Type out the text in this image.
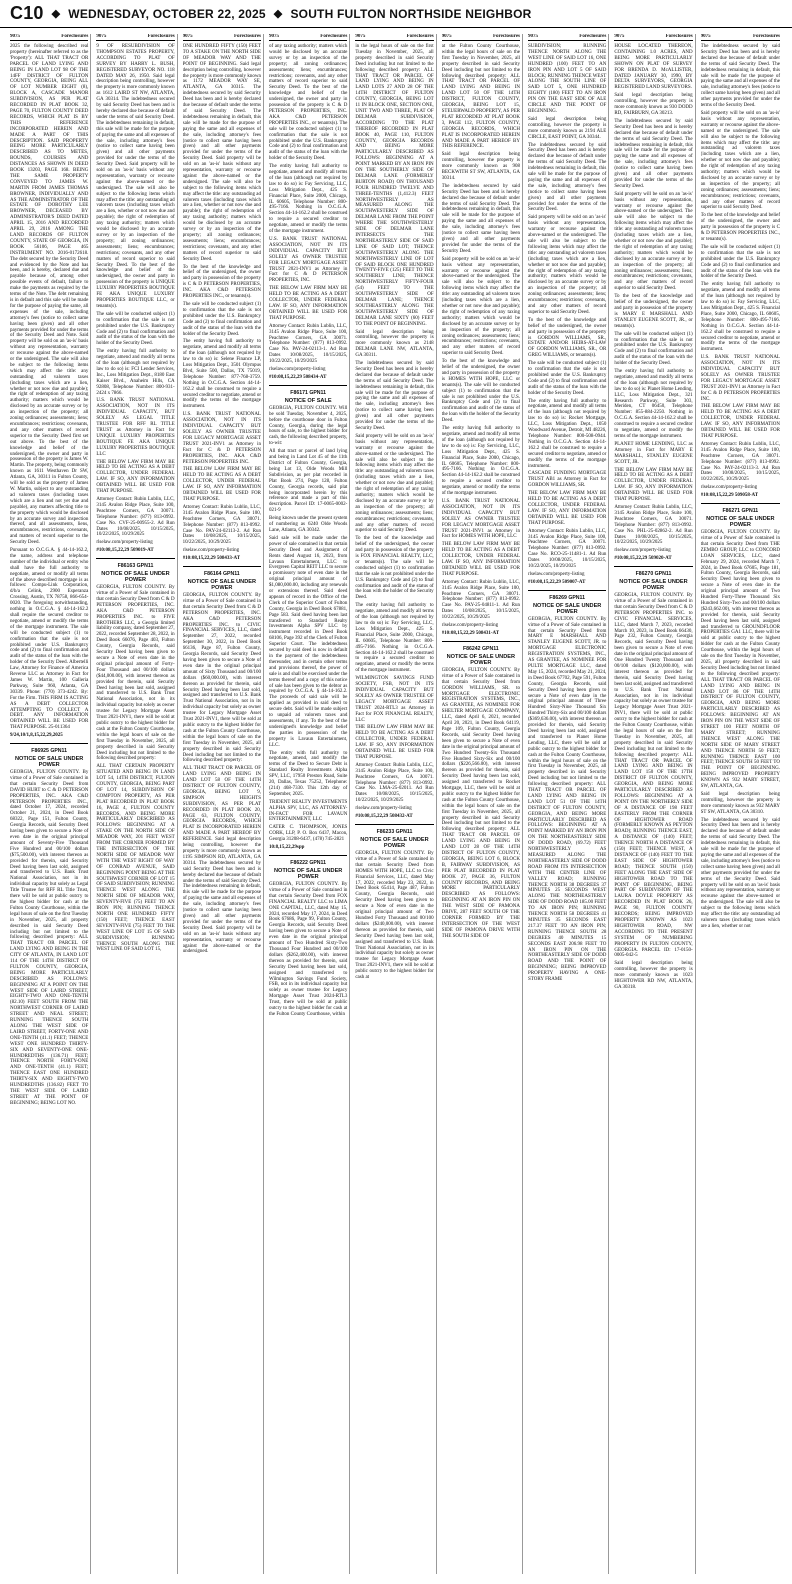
C10 ◆ WEDNESDAY, OCTOBER 22, 2025 ◆ SOUTH FULTON NORTHSIDE NEIGHBOR
9075	Foreclosures
2025 the following described real property (hereinafter referred to as the 'Property'): ALL THAT TRACT OR PARCEL OF LAND LYING AND BEING IN LAND LOT 98 OF THE 14FF DISTRICT OF FULTON COUNTY, GEORGIA, BEING ALL OF LOT NUMBER EIGHT (8), BLOCK A, CASCADE MANOR SUBDIVISION, AS PER PLAT RECORDED IN PLAT BOOK 32, PAGE 70, FULTON COUNTY DEED RECORDS, WHICH PLAT IS BY THIS REFERENCE INCORPORATED HEREIN AND MADE A PART OF THIS DESCRIPTION. SAID PROPERTY BEING MORE PARTICULARLY DESCRIBED AS TO METES, BOUNDS, COURSES AND DISTANCES AS SHOWN IN DEED BOOK 13203, PAGE 168. BEING THE SAME PROPERTY CONVEYED TO JAMES W. MARTIN FROM JAMES THOMAS BROWNER, INDIVIDUALLY AND AS THE ADMINISTRATOR OF THE ESTATE OF DOROTHY LEE BROWNER, DECEASED BY ADMINISTRATOR'S DEED DATED APRIL 15, 2016 AND RECORDED APRIL 29, 2016 AMONG THE LAND RECORDS OF FULTON COUNTY, STATE OF GEORGIA, IN BOOK 56106, PAGE 465 INSTRUMENT NO. 2016-0172618. The debt secured by the Security Deed and evidenced by the Note and has been, and is hereby, declared due and payable because of, among other possible events of default, failure to make the payments as required by the terms of the Note. The debt remaining is in default and this sale will be made for the purpose of paying the same, all expenses of the sale, including attorney's fees (notice to collect same having been given) and all other payments provided for under the terms of the Security Deed and Note. Said property will be sold on an 'as-is' basis without any representation, warranty or recourse against the above-named or the undersigned. The sale will also be subject to the following items which may affect the title: any outstanding ad valorem taxes (including taxes which are a lien, whether or not now due and payable); the right of redemption of any taxing authority; matters which would be disclosed by an accurate survey or by an inspection of the property; all zoning ordinances; assessments; liens; encumbrances; restrictions; covenants, and any other matters of record superior to the Security Deed first set out above. To the best of the knowledge and belief of the undersigned, the owner and party in possession of the property is James W. Martin. The property, being commonly known as 1611 Westhaven Dr SW, Atlanta, GA, 30311 in Fulton County, will be sold as the property of James W. Martin, subject to any outstanding ad valorem taxes (including taxes which are a lien and not yet due and payable), any matters affecting title to the property which would be disclosed by an accurate survey and inspection thereof, and all assessments, liens, encumbrances, restrictions, covenants, and matters of record superior to the Security Deed.
Pursuant to O.C.G.A. § 44-14-162.2, the name, address and telephone number of the individual or entity who shall have the full authority to negotiate, amend or modify all terms of the above described mortgage is as follows: Compu-Link Corporation, d/b/a Celink, 2900 Esperanza Crossing, Austin, TX 78758, 866-654-0020. The foregoing notwithstanding, nothing in O.C.G.A. § 44-14-162.2 shall require the secured creditor to negotiate, amend or modify the terms of the mortgage instrument. The sale will be conducted subject (1) to confirmation that the sale is not prohibited under U.S. Bankruptcy code and (2) to final confirmation and audit of the status of the loan with the holder of the Security Deed. Albertelli Law, Attorney for Finance of America Reverse LLC as Attorney in Fact for James W. Martin, 100 Galleria Parkway, Suite 960, Atlanta, GA 30339. Phone: (770) 373-4242. By: For the Firm. THIS FIRM IS ACTING AS A DEBT COLLECTOR ATTEMPTING TO COLLECT A DEBT. ANY INFORMATION OBTAINED WILL BE USED FOR THAT PURPOSE. 25-011364
9/24,10/1,8,15,22,29,2025
F86925 GPN11
NOTICE OF SALE UNDER POWER
GEORGIA, FULTON COUNTY. By virtue of a Power of Sale contained in that certain Security Deed from DAVID HURT to C & D PETERSON PROPERTIES, INC. AKA C&D PETERSON PROPERTIES INC., dated October 17, 2024, recorded October 21, 2024, in Deed Book 68322, Page 151, Fulton County, Georgia Records, said Security Deed having been given to secure a Note of even date in the original principal amount of Seventy-Five Thousand Five Hundred and 00/100 dollars ($75,500.00), with interest thereon as provided for therein, said Security Deed having been last sold, assigned and transferred to U.S. Bank Trust National Association, not in its individual capacity but solely as Legal Title Trustee for RFF RL Title Trust, there will be sold at public outcry to the highest bidder for cash at the Fulton County Courthouse, within the legal hours of sale on the first Tuesday in November, 2025, all property described in said Security Deed including but not limited to the following described property: ALL THAT TRACT OR PARCEL OF LAND LYING AND BEING IN THE CITY OF ATLANTA, IN LAND LOT 114 OF THE 14TH DISTRICT OF FULTON COUNTY, GEORGIA, BEING MORE PARTICULARLY DESCRIBED AS FOLLOWS: BEGINNING AT A POINT ON THE WEST SIDE OF LAIRD STREET, EIGHTY-TWO AND ONE-TENTH (82.10) FEET SOUTH FROM THE NORTHWEST CORNER OF LAIRD STREET AND NEAL STREET; RUNNING THENCE SOUTH ALONG THE WEST SIDE OF LAIRD STREET, FORTY-ONE AND ONE-TENTH (41.1) FEET; THENCE WEST ONE HUNDRED THIRTY-SIX AND SEVENTY-ONE ONE-HUNDREDTHS (136.71) FEET; THENCE NORTH FORTY-ONE AND ONE-TENTH (41.1) FEET; THENCE EAST ONE HUNDRED THIRTY-SIX AND EIGHTY-TWO HUNDREDTHS (136.82) FEET TO THE WEST SIDE OF LAIRD STREET AT THE POINT OF BEGINNING; BEING LOT NO.
9075	Foreclosures
9 OF RESUBDIVISION OF THOMPSON ESTATES PROPERTY, ACCORDING TO PLAT OF SURVEY BY HARRY L. BUSH, REGISTERED SURVEYOR NO. 118 DATED MAY 26, 1950. Said legal description being controlling, however the property is more commonly known as 1612 LAIRD ST NW, ATLANTA, GA 30314. The indebtedness secured by said Security Deed has been and is hereby declared due because of default under the terms of said Security Deed. The indebtedness remaining in default, this sale will be made for the purpose of paying the same and all expenses of the sale, including attorney's fees (notice to collect same having been given) and all other payments provided for under the terms of the Security Deed. Said property will be sold on an 'as-is' basis without any representation, warranty or recourse against the above-named or the undersigned. The sale will also be subject to the following items which may affect the title: any outstanding ad valorem taxes (including taxes which are a lien, whether or not now due and payable); the right of redemption of any taxing authority; matters which would be disclosed by an accurate survey or by an inspection of the property; all zoning ordinances; assessments; liens; encumbrances; restrictions; covenants, and any other matters of record superior to said Security Deed. To the best of the knowledge and belief of the undersigned, the owner and party in possession of the property is UNIQUE LUXURY PROPERTIES BOUTIQUE FE AKA UNIQUE LUXURY PROPERTIES BOUTIQUE LLC, or tenants(s).
The sale will be conducted subject (1) to confirmation that the sale is not prohibited under the U.S. Bankruptcy Code and (2) to final confirmation and audit of the status of the loan with the holder of the Security Deed.
The entity having full authority to negotiate, amend and modify all terms of the loan (although not required by law to do so) is: FCI Lender Services, Inc., Loss Mitigation Dept., 8180 East Kaiser Blvd., Anaheim Hills, CA 92808, Telephone Number: 800-931-2424 x 7866.
U.S. BANK TRUST NATIONAL ASSOCIATION, NOT IN ITS INDIVIDUAL CAPACITY, BUT SOLELY AS LEGAL TITLE TRUSTEE FOR RFF RL TITLE TRUST as Attorney in Fact for UNIQUE LUXURY PROPERTIES BOUTIQUE FE AKA UNIQUE LUXURY PROPERTIES BOUTIQUE LLC
THE BELOW LAW FIRM MAY BE HELD TO BE ACTING AS A DEBT COLLECTOR, UNDER FEDERAL LAW. IF SO, ANY INFORMATION OBTAINED WILL BE USED FOR THAT PURPOSE.
Attorney Contact: Rubin Lublin, LLC, 3145 Avalon Ridge Place, Suite 100, Peachtree Corners, GA 30071. Telephone Number: (877) 813-0992. Case No. CVF-25-00955-2. Ad Run Dates 10/08/2025, 10/15/2025, 10/22/2025, 10/29/2025
rlselaw.com/property-listing
#10:08,15,22,29 509019-AT
F86163 GPN11
NOTICE OF SALE UNDER POWER
GEORGIA, FULTON COUNTY. By virtue of a Power of Sale contained in that certain Security Deed from C & D PETERSON PROPERTIES, INC. AKA C&D PETERSON PROPERTIES INC. to FIVE BROTHERS LLC, a Georgia limited liability company, dated September 27, 2022, recorded September 28, 2022, in Deed Book 66076, Page 403, Fulton County, Georgia Records, said Security Deed having been given to secure a Note of even date in the original principal amount of Forty-Four Thousand and 00/100 dollars ($44,000.00), with interest thereon as provided for therein, said Security Deed having been last sold, assigned and transferred to U.S. Bank Trust National Association, not in its individual capacity but solely as owner trustee for Legacy Mortgage Asset Trust 2021-INV1, there will be sold at public outcry to the highest bidder for cash at the Fulton County Courthouse, within the legal hours of sale on the first Tuesday in November, 2025, all property described in said Security Deed including but not limited to the following described property:
ALL THAT CERTAIN PROPERTY SITUATED AND BEING IN LAND LOT 54, 14TH DISTRICT, FULTON COUNTY, GEORGIA, BEING PART OF LOT 14, SUBDIVISION OF COMPTON PROPERTY, AS PER PLAT RECORDED IN PLAT BOOK 16, PAGE 4, FULTON COUNTY RECORDS, AND BEING MORE PARTICULARLY DESCRIBED AS FOLLOWS: BEGINNING AT A STAKE ON THE NORTH SIDE OF MEADOR WAY, 201 FEET WEST FROM THE CORNER FORMED BY THE INTERSECTION OF THE NORTH SIDE OF MEADOR WAY WITH THE WEST RIGHT OF WAY OF CONRAD AVENUE, SAID BEGINNING POINT BEING AT THE SOUTHWEST CORNER OF LOT 15 OF SAID SUBDIVISION; RUNNING THENCE WEST ALONG THE NORTH SIDE OF MEADOR WAY, SEVENTY-FIVE (75) FEET TO AN IRON PIN; RUNNING THENCE NORTH ONE HUNDRED FIFTY (150) FEET; THENCE EAST SEVENTY-FIVE (75) FEET TO THE WEST LINE OF LOT 15 OF SAID SUBDIVISION; RUNNING THENCE SOUTH ALONG THE WEST LINE OF SAID LOT 15,
9075	Foreclosures
ONE HUNDRED FIFTY (150) FEET TO A STAKE ON THE NORTH SIDE OF MEADOR WAY AND THE POINT OF BEGINNING. Said legal description being controlling, however the property is more commonly known as 1172 MEADOR WAY SE, ATLANTA, GA 30315. The indebtedness secured by said Security Deed has been and is hereby declared due because of default under the terms of said Security Deed. The indebtedness remaining in default, this sale will be made for the purpose of paying the same and all expenses of the sale, including attorney's fees (notice to collect same having been given) and all other payments provided for under the terms of the Security Deed. Said property will be sold on an 'as-is' basis without any representation, warranty or recourse against the above-named or the undersigned. The sale will also be subject to the following items which may affect the title: any outstanding ad valorem taxes (including taxes which are a lien, whether or not now due and payable); the right of redemption of any taxing authority; matters which would be disclosed by an accurate survey or by an inspection of the property; all zoning ordinances; assessments; liens; encumbrances; restrictions; covenants, and any other matters of record superior to said Security Deed.
To the best of the knowledge and belief of the undersigned, the owner and party in possession of the property is C & D PETERSON PROPERTIES, INC. AKA C&D PETERSON PROPERTIES INC., or tenants(s).
The sale will be conducted subject (1) to confirmation that the sale is not prohibited under the U.S. Bankruptcy Code and (2) to final confirmation and audit of the status of the loan with the holder of the Security Deed.
The entity having full authority to negotiate, amend and modify all terms of the loan (although not required by law to do so) is: Selene Finance LP, Loss Mitigation Dept., 3501 Olympus Blvd, Suite 500, Dallas, TX 75019, Telephone Number: 877-768-3759. Nothing in O.C.G.A. Section 44-14-162.2 shall be construed to require a secured creditor to negotiate, amend or modify the terms of the mortgage instrument.
U.S. BANK TRUST NATIONAL ASSOCIATION, NOT IN ITS INDIVIDUAL CAPACITY BUT SOLELY AS OWNER TRUSTEE FOR LEGACY MORTGAGE ASSET TRUST 2021-INV1 as Attorney in Fact for C & D PETERSON PROPERTIES, INC. AKA C&D PETERSON PROPERTIES INC.
THE BELOW LAW FIRM MAY BE HELD TO BE ACTING AS A DEBT COLLECTOR, UNDER FEDERAL LAW. IF SO, ANY INFORMATION OBTAINED WILL BE USED FOR THAT PURPOSE.
Attorney Contact: Rubin Lublin, LLC, 3145 Avalon Ridge Place, Suite 100, Peachtree Corners, GA 30071. Telephone Number: (877) 813-0992. Case No. PAY-24-02113-2. Ad Run Dates 10/08/2025, 10/15/2025, 10/22/2025, 10/29/2025
rlselaw.com/property-listing
#10:08,15,22,29 508433-AT
F86164 GPN11
NOTICE OF SALE UNDER POWER
GEORGIA, FULTON COUNTY. By virtue of a Power of Sale contained in that certain Security Deed from C & D PETERSON PROPERTIES, INC. AKA C&D PETERSON PROPERTIES INC. to CIVIC FINANCIAL SERVICES, LLC, dated September 27, 2022, recorded September 30, 2022, in Deed Book 66136, Page 87, Fulton County, Georgia Records, said Security Deed having been given to secure a Note of even date in the original principal amount of Sixty Thousand and 00/100 dollars ($60,000.00), with interest thereon as provided for therein, said Security Deed having been last sold, assigned and transferred to U.S. Bank Trust National Association, not in its individual capacity but solely as owner trustee for Legacy Mortgage Asset Trust 2021-INV1, there will be sold at public outcry to the highest bidder for cash at the Fulton County Courthouse, within the legal hours of sale on the first Tuesday in November, 2025, all property described in said Security Deed including but not limited to the following described property:
ALL THAT TRACT OR PARCEL OF LAND LYING AND BEING IN LAND LOT 58 OF THE 14TH DISTRICT OF FULTON COUNTY, GEORGIA, BEING LOT 9, SIMPSON HEIGHTS SUBDIVISION, AS PER PLAT RECORDED IN PLAT BOOK 20, PAGE 63, FULTON COUNTY, GEORGIA RECORDS, WHICH PLAT IS INCORPORATED HEREIN AND MADE A PART HEREOF BY REFERENCE. Said legal description being controlling, however the property is more commonly known as 1195 SIMPSON RD, ATLANTA, GA 30314. The indebtedness secured by said Security Deed has been and is hereby declared due because of default under the terms of said Security Deed. The indebtedness remaining in default, this sale will be made for the purpose of paying the same and all expenses of the sale, including attorney's fees (notice to collect same having been given) and all other payments provided for under the terms of the Security Deed. Said property will be sold on an 'as-is' basis without any representation, warranty or recourse against the above-named or the undersigned.
9075	Foreclosures
of any taxing authority; matters which would be disclosed by an accurate survey or by an inspection of the property; all zoning ordinances; assessments; liens; encumbrances; restrictions; covenants, and any other matters of record superior to said Security Deed. To the best of the knowledge and belief of the undersigned, the owner and party in possession of the property is C & D PETERSON PROPERTIES, INC. AKA C&D PETERSON PROPERTIES INC., or tenants(s). The sale will be conducted subject (1) to confirmation that the sale is not prohibited under the U.S. Bankruptcy Code and (2) to final confirmation and audit of the status of the loan with the holder of the Security Deed.
The entity having full authority to negotiate, amend and modify all terms of the loan (although not required by law to do so) is: Fay Servicing, LLC, Loss Mitigation Dept., 425 S. Financial Place, Suite 2000, Chicago, IL 60605, Telephone Number: 800-495-7166. Nothing in O.C.G.A. Section 44-14-162.2 shall be construed to require a secured creditor to negotiate, amend or modify the terms of the mortgage instrument.
U.S. BANK TRUST NATIONAL ASSOCIATION, NOT IN ITS INDIVIDUAL CAPACITY BUT SOLELY AS OWNER TRUSTEE FOR LEGACY MORTGAGE ASSET TRUST 2021-INV1 as Attorney in Fact for C & D PETERSON PROPERTIES, INC.
THE BELOW LAW FIRM MAY BE HELD TO BE ACTING AS A DEBT COLLECTOR, UNDER FEDERAL LAW. IF SO, ANY INFORMATION OBTAINED WILL BE USED FOR THAT PURPOSE.
Attorney Contact: Rubin Lublin, LLC, 3145 Avalon Ridge Place, Suite 100, Peachtree Corners, GA 30071. Telephone Number: (877) 813-0992. Case No. PAY-24-02113-1. Ad Run Dates 10/08/2025, 10/15/2025, 10/22/2025, 10/29/2025
rlselaw.com/property-listing
#10:08,15,22,29 508434-AT
F86171 GPN11
NOTICE OF SALE
GEORGIA, FULTON COUNTY. Will be sold Tuesday, November 4, 2025, before the courthouse door in Fulton County, Georgia, during the legal hours of sale, to the highest bidder for cash, the following described property, to-wit:
All that tract or parcel of land lying and being in Land Lot 45 of the 11th District of Fulton County, Georgia, being Lot 13, Olde Woods Mill Subdivision, as per plat recorded in Plat Book 274, Page 128, Fulton County, Georgia records, said plat being incorporated herein by this reference and made a part of this description. Parcel ID: 17-0065-0002-021-9
Being known under the present system of numbering as 6240 Olde Woods Lane, Atlanta, GA 30342.
Said sale will be made under the power of sale contained in that certain Security Deed and Assignment of Rents dated August 16, 2023, from Lavaun Entertainment, LLC to Evergreen Capital REIT LLC to secure a promissory note of even date in the original principal amount of $1,080,000.00, including any renewals or extensions thereof. Said deed appears of record in the Office of the Clerk of the Superior Court of Fulton County, Georgia in Deed Book 67881, Page 583. Said deed having been last transferred to Standard Realty Investments Alpha SPV LLC by instrument recorded in Deed Book 68106, Page 392 of the Clerk of Fulton Superior Court. The indebtedness secured by said deed is now in default in the payment of the indebtedness thereunder, and in certain other terms and provisions thereof, the power of sale is and shall be exercised under the terms thereof and a copy of this notice of sale has been given to the debtor as required by O.C.G.A. § 44-14-162.2. The proceeds of said sale will be applied as provided in said deed to secure debt. Said will be made subject to unpaid ad valorem taxes and assessments, if any. To the best of the undersigned's knowledge and belief the parties in possession of the property is Lavaun Entertainment, LLC.
The entity with full authority to negotiate, amend, and modify the terms of the Deed to Secure Debt is Standard Realty Investments Alpha SPV, LLC, 17950 Preston Road, Suite 20, Dallas, Texas 75252, Telephone: (214) 468-7330. This 12th day of September, 2025.
TRIDENT REALTY INVESTMENTS ALPHA SPV, LLC, AS ATTORNEY-IN-FACT FOR LAVAUN ENTERTAINMENT, LLC
CATER C. THOMPSON, JONES CORK, LLP, P. O. Box 6437, Macon, Georgia 31208-6437, (478) 745-2821
10:8,15,22,29spp
F86222 GPN11
NOTICE OF SALE UNDER POWER
GEORGIA, FULTON COUNTY. By virtue of a Power of Sale contained in that certain Security Deed from FOX FINANCIAL REALTY LLC to LIMA ONE CAPITAL, LLC, dated May 15, 2024, recorded May 17, 2024, in Deed Book 67686, Page 99, Fulton County, Georgia Records, said Security Deed having been given to secure a Note of even date in the original principal amount of Two Hundred Sixty-Two Thousand Four Hundred and 00/100 dollars ($262,400.00), with interest thereon as provided for therein, said Security Deed having been last sold, assigned and transferred to Wilmington Savings Fund Society, FSB, not in its individual capacity but solely as owner trustee for Legacy Mortgage Asset Trust 2024-RTL3 Trust, there will be sold at public outcry to the highest bidder for cash at the Fulton County Courthouse, within
9075	Foreclosures
in the legal hours of sale on the first Tuesday in November, 2025, all property described in said Security Deed including but not limited to the following described property: ALL THAT TRACT OR PARCEL OF LAND LYING AND BEING IN LAND LOTS 27 AND 28 OF THE 14TH DISTRICT OF FULTON COUNTY, GEORGIA, BEING LOT 11 IN BLOCK ONE, SECTION ONE, UNIT TWO AND THREE, PLAT OF DELMAR SUBDIVISION, ACCORDING TO THE PLAT THEREOF RECORDED IN PLAT BOOK 40, PAGE 110, FULTON COUNTY, GEORGIA RECORDS AND BEING MORE PARTICULARLY DESCRIBED AS FOLLOWS: BEGINNING AT A POINT MARKED BY AN IRON PIN ON THE SOUTHERLY SIDE OF DELMAR LANE (FORMERLY BURTON ROAD) ON THOUSAND FOUR HUNDRED TWELVE AND THREE-TENTHS (1,412.3) FEET NORTHWESTERLY AS MEASURED ALONG THE SOUTHWESTERLY SIDE OF DELMAR LANE FROM THE POINT WHERE THE SOUTHWESTERLY SIDE OF DELMAR LANE INTERSECTS THE NORTHEASTERLY SIDE OF SAID LINE OF SAID LOT; THENCE SOUTHWESTERLY ALONG THE NORTHWESTERLY LINE OF LOT OF SAID BLOCK ONE HUNDRED TWENTY-FIVE (125) FEET TO THE SOUTHERLY LINE; THENCE NORTHWESTERLY FIFTY-FOUR (54) FEET TO THE SOUTHWESTERLY SIDE OF DELMAR LANE; THENCE SOUTHEASTERLY ALONG THE SOUTHWESTERLY SIDE OF DELMAR LANE SIXTY (60) FEET TO THE POINT OF BEGINNING.
Said legal description being controlling, however the property is more commonly known as 2148 DELMAR LANE NW, ATLANTA, GA 30311.
The indebtedness secured by said Security Deed has been and is hereby declared due because of default under the terms of said Security Deed. The indebtedness remaining in default, this sale will be made for the purpose of paying the same and all expenses of the sale, including attorney's fees (notice to collect same having been given) and all other payments provided for under the terms of the Security Deed.
Said property will be sold on an 'as-is' basis without any representation, warranty or recourse against the above-named or the undersigned. The sale will also be subject to the following items which may affect the title: any outstanding ad valorem taxes (including taxes which are a lien, whether or not now due and payable); the right of redemption of any taxing authority; matters which would be disclosed by an accurate survey or by an inspection of the property; all zoning ordinances; assessments; liens; encumbrances; restrictions; covenants, and any other matters of record superior to said Security Deed.
To the best of the knowledge and belief of the undersigned, the owner and party in possession of the property is FOX FINANCIAL REALTY, LLC, or tenants(s). The sale will be conducted subject (1) to confirmation that the sale is not prohibited under the U.S. Bankruptcy Code and (2) to final confirmation and audit of the status of the loan with the holder of the Security Deed.
The entity having full authority to negotiate, amend and modify all terms of the loan (although not required by law to do so) is: Fay Servicing, LLC, Loss Mitigation Dept., 425 S. Financial Place, Suite 2000, Chicago, IL 60605, Telephone Number: 800-495-7166. Nothing in O.C.G.A. Section 44-14-162.2 shall be construed to require a secured creditor to negotiate, amend or modify the terms of the mortgage instrument.
WILMINGTON SAVINGS FUND SOCIETY, FSB, NOT IN ITS INDIVIDUAL CAPACITY BUT SOLELY AS OWNER TRUSTEE OF LEGACY MORTGAGE ASSET TRUST 2024-RTL3 as Attorney in Fact for FOX FINANCIAL REALTY, LLC
THE BELOW LAW FIRM MAY BE HELD TO BE ACTING AS A DEBT COLLECTOR, UNDER FEDERAL LAW. IF SO, ANY INFORMATION OBTAINED WILL BE USED FOR THAT PURPOSE.
Attorney Contact: Rubin Lublin, LLC, 3145 Avalon Ridge Place, Suite 100, Peachtree Corners, GA 30071. Telephone Number: (877) 813-0992. Case No. LMA-25-02011. Ad Run Dates 10/08/2025, 10/15/2025, 10/22/2025, 10/29/2025
rlselaw.com/property-listing
#10:08,15,22,29 508432-AT
F86233 GPN11
NOTICE OF SALE UNDER POWER
GEORGIA, FULTON COUNTY. By virtue of a Power of Sale contained in that certain Security Deed from HOMES WITH HOPE, LLC to Civic Financial Services, LLC, dated May 17, 2022, recorded May 23, 2022, in Deed Book 65414, Page 487, Fulton County, Georgia Records, said Security Deed having been given to secure a Note of even date in the original principal amount of Two Hundred Forty Thousand and 00/100 dollars ($240,000.00), with interest thereon as provided for therein, said Security Deed having been last sold, assigned and transferred to U.S. Bank Trust National Association, not in its individual capacity but solely as owner trustee for Legacy Mortgage Asset Trust 2021-INV1, there will be sold at public outcry to the highest bidder for cash at
9075	Foreclosures
at the Fulton County Courthouse, within the legal hours of sale on the first Tuesday in November, 2025, all property described in said Security Deed including but not limited to the following described property: ALL THAT TRACT OR PARCEL OF LAND LYING AND BEING IN LAND LOT 50 OF THE 14TH DISTRICT, FULTON COUNTY, GEORGIA, BEING LOT 15, STEUERWALD PROPERTY, AS PER PLAT RECORDED AT PLAT BOOK 3, PAGE 112, FULTON COUNTY, GEORGIA RECORDS, WHICH PLAT IS INCORPORATED HEREIN AND MADE A PART HEREOF BY THIS REFERENCE.
Said legal description being controlling, however the property is more commonly known as 908 BECKWITH ST SW, ATLANTA, GA 30314.
The indebtedness secured by said Security Deed has been and is hereby declared due because of default under the terms of said Security Deed. The indebtedness remaining in default, this sale will be made for the purpose of paying the same and all expenses of the sale, including attorney's fees (notice to collect same having been given) and all other payments provided for under the terms of the Security Deed.
Said property will be sold on an 'as-is' basis without any representation, warranty or recourse against the above-named or the undersigned. The sale will also be subject to the following items which may affect the title: any outstanding ad valorem taxes (including taxes which are a lien, whether or not now due and payable); the right of redemption of any taxing authority; matters which would be disclosed by an accurate survey or by an inspection of the property; all zoning ordinances; assessments; liens; encumbrances; restrictions; covenants, and any other matters of record superior to said Security Deed.
To the best of the knowledge and belief of the undersigned, the owner and party in possession of the property is HOMES WITH HOPE, LLC or tenants(s). The sale will be conducted subject (1) to confirmation that the sale is not prohibited under the U.S. Bankruptcy Code and (2) to final confirmation and audit of the status of the loan with the holder of the Security Deed.
The entity having full authority to negotiate, amend and modify all terms of the loan (although not required by law to do so) is: Fay Servicing, LLC, Loss Mitigation Dept., 425 S. Financial Place, Suite 2000, Chicago, IL 60605, Telephone Number: 800-495-7166. Nothing in O.C.G.A. Section 44-14-162.2 shall be construed to require a secured creditor to negotiate, amend or modify the terms of the mortgage instrument.
U.S. BANK TRUST NATIONAL ASSOCIATION, NOT IN ITS INDIVIDUAL CAPACITY BUT SOLELY AS OWNER TRUSTEE FOR LEGACY MORTGAGE ASSET TRUST 2021-INV1 as Attorney in Fact for HOMES WITH HOPE, LLC
THE BELOW LAW FIRM MAY BE HELD TO BE ACTING AS A DEBT COLLECTOR, UNDER FEDERAL LAW. IF SO, ANY INFORMATION OBTAINED WILL BE USED FOR THAT PURPOSE.
Attorney Contact: Rubin Lublin, LLC, 3145 Avalon Ridge Place, Suite 100, Peachtree Corners, GA 30071. Telephone Number: (877) 813-0992. Case No. PAY-25-04811-1. Ad Run Dates 10/08/2025, 10/15/2025, 10/22/2025, 10/29/2025
rlselaw.com/property-listing
#10:08,15,22,29 508431-AT
F86242 GPN11
NOTICE OF SALE UNDER POWER
GEORGIA, FULTON COUNTY. By virtue of a Power of Sale contained in that certain Security Deed from GORDON WILLIAMS, SR. to MORTGAGE ELECTRONIC REGISTRATION SYSTEMS, INC., AS GRANTEE, AS NOMINEE FOR SHELTER MORTGAGE COMPANY, LLC, dated April 6, 2021, recorded April 20, 2021, in Deed Book 64119, Page 109, Fulton County, Georgia Records, said Security Deed having been given to secure a Note of even date in the original principal amount of Two Hundred Twenty-Six Thousand Five Hundred Sixty-Six and 00/100 dollars ($226,566.00), with interest thereon as provided for therein, said Security Deed having been last sold, assigned and transferred to Rocket Mortgage, LLC, there will be sold at public outcry to the highest bidder for cash at the Fulton County Courthouse, within the legal hours of sale on the first Tuesday in November, 2025, all property described in said Security Deed including but not limited to the following described property: ALL THAT TRACT OR PARCEL OF LAND LYING AND BEING IN LAND LOT 28 OF THE 14TH DISTRICT OF FULTON COUNTY, GEORGIA, BEING LOT 6, BLOCK B, FAIRWAY SUBDIVISION, AS PER PLAT RECORDED IN PLAT BOOK 27, PAGE 36, FULTON COUNTY RECORDS, AND BEING MORE PARTICULARLY DESCRIBED AS FOLLOWS: BEGINNING AT AN IRON PIN ON THE WEST SIDE OF PAMONA DRIVE, 287 FEET SOUTH OF THE CORNER FORMED BY THE INTERSECTION OF THE WEST SIDE OF PAMONA DRIVE WITH THE SOUTH SIDE OF
9075	Foreclosures
SUBDIVISION; RUNNING THENCE NORTH ALONG THE WEST LINE OF SAID LOT 16, ONE HUNDRED (100) FEET TO AN IRON PIN AND LOT 5 OF SAID BLOCK; RUNNING THENCE WEST ALONG THE SOUTH LINE OF SAID LOT 5, ONE HUNDRED EIGHTY (180) FEET TO AN IRON PIN ON THE EAST SIDE OF ALE CIRCLE AND THE POINT OF BEGINNING.
Said legal description being controlling, however the property is more commonly known as 2194 ALE CIRCLE, EAST POINT, GA 30344.
The indebtedness secured by said Security Deed has been and is hereby declared due because of default under the terms of said Security Deed. The indebtedness remaining in default, this sale will be made for the purpose of paying the same and all expenses of the sale, including attorney's fees (notice to collect same having been given) and all other payments provided for under the terms of the Security Deed.
Said property will be sold on an 'as-is' basis without any representation, warranty or recourse against the above-named or the undersigned. The sale will also be subject to the following items which may affect the title: any outstanding ad valorem taxes (including taxes which are a lien, whether or not now due and payable); the right of redemption of any taxing authority; matters which would be disclosed by an accurate survey or by an inspection of the property; all zoning ordinances; assessments; liens; encumbrances; restrictions; covenants, and any other matters of record superior to said Security Deed.
To the best of the knowledge and belief of the undersigned, the owner and party in possession of the property is GORDON WILLIAMS, SR., ESTATE AND/OR HEIRS-AT-LAW OF GORDON WILLIAMS, SR., OR GREG WILLIAMS, or tenants(s).
The sale will be conducted subject (1) to confirmation that the sale is not prohibited under the U.S. Bankruptcy Code and (2) to final confirmation and audit of the status of the loan with the holder of the Security Deed.
The entity having full authority to negotiate, amend and modify all terms of the loan (although not required by law to do so) is: Rocket Mortgage, LLC, Loss Mitigation Dept., 1050 Woodward Avenue, Detroit, MI 48226, Telephone Number: 800-508-0944. Nothing in O.C.G.A. Section 44-14-162.2 shall be construed to require a secured creditor to negotiate, amend or modify the terms of the mortgage instrument.
CASCADE FUNDING MORTGAGE TRUST AB1 as Attorney in Fact for GORDON WILLIAMS, SR.
THE BELOW LAW FIRM MAY BE HELD TO BE ACTING AS A DEBT COLLECTOR, UNDER FEDERAL LAW. IF SO, ANY INFORMATION OBTAINED WILL BE USED FOR THAT PURPOSE.
Attorney Contact: Rubin Lublin, LLC, 3145 Avalon Ridge Place, Suite 100, Peachtree Corners, GA 30071. Telephone Number: (877) 813-0992. Case No. RCO-25-11481-1. Ad Run Dates 10/08/2025, 10/15/2025, 10/22/2025, 10/29/2025
rlselaw.com/property-listing
#10:08,15,22,29 509007-AT
F86269 GPN11
NOTICE OF SALE UNDER POWER
GEORGIA, FULTON COUNTY. By virtue of a Power of Sale contained in that certain Security Deed from MARY E MARSHALL AND STANLEY EUGENE SCOTT, JR. to MORTGAGE ELECTRONIC REGISTRATION SYSTEMS, INC., AS GRANTEE, AS NOMINEE FOR PULTE MORTGAGE LLC, dated May 15, 2024, recorded May 21, 2024, in Deed Book 67702, Page 591, Fulton County, Georgia Records, said Security Deed having been given to secure a Note of even date in the original principal amount of Three Hundred Sixty-Nine Thousand Six Hundred Thirty-Six and 00/100 dollars ($369,636.00), with interest thereon as provided for therein, said Security Deed having been last sold, assigned and transferred to Planet Home Lending, LLC, there will be sold at public outcry to the highest bidder for cash at the Fulton County Courthouse, within the legal hours of sale on the first Tuesday in November, 2025, all property described in said Security Deed including but not limited to the following described property: ALL THAT TRACT OR PARCEL OF LAND LYING AND BEING IN LAND LOT 51 OF THE 14TH DISTRICT OF FULTON COUNTY, GEORGIA, AND BEING MORE PARTICULARLY DESCRIBED AS FOLLOWS: BEGINNING AT A POINT MARKED BY AN IRON PIN ON THE NORTHEASTERLY SIDE OF DODD ROAD, (69.72) FEET NORTHWESTERLY AS MEASURED ALONG THE NORTHEASTERLY SIDE OF DODD ROAD FROM ITS INTERSECTION WITH THE CENTER LINE OF VALLEY ROAD; RUNNING THENCE NORTH 38 DEGREES 37 MINUTES 25 SECONDS WEST ALONG THE NORTHEASTERLY SIDE OF DODD ROAD 185.00 FEET TO AN IRON PIN; RUNNING THENCE NORTH 58 DEGREES 41 MINUTES 35 SECONDS EAST 217.37 FEET TO AN IRON PIN; RUNNING THENCE SOUTH 28 DEGREES 40 MINUTES 15 SECONDS EAST 206.98 FEET TO AN IRON PIN ON THE NORTHEASTERLY SIDE OF DODD ROAD AND THE POINT OF BEGINNING; BEING IMPROVED PROPERTY HAVING A ONE-STORY FRAME
9075	Foreclosures
HOUSE LOCATED THEREON, CONTAINING 1.0 ACRES, AND BEING MORE PARTICULARLY SHOWN ON PLAT OF SURVEY FOR BRENDA D. McALLISTER, DATED JANUARY 30, 1990, BY DELTA SURVEYORS, GEORGIA REGISTERED LAND SURVEYORS.
Said legal description being controlling, however the property is more commonly known as 930 DODD RD, FAIRBURN, GA 30213.
The indebtedness secured by said Security Deed has been and is hereby declared due because of default under the terms of said Security Deed. The indebtedness remaining in default, this sale will be made for the purpose of paying the same and all expenses of the sale, including attorney's fees (notice to collect same having been given) and all other payments provided for under the terms of the Security Deed.
Said property will be sold on an 'as-is' basis without any representation, warranty or recourse against the above-named or the undersigned. The sale will also be subject to the following items which may affect the title: any outstanding ad valorem taxes (including taxes which are a lien, whether or not now due and payable); the right of redemption of any taxing authority; matters which would be disclosed by an accurate survey or by an inspection of the property; all zoning ordinances; assessments; liens; encumbrances; restrictions; covenants, and any other matters of record superior to said Security Deed.
To the best of the knowledge and belief of the undersigned, the owner and party in possession of the property is MARY E MARSHALL AND STANLEY EUGENE SCOTT, JR., or tenants(s).
The sale will be conducted subject (1) to confirmation that the sale is not prohibited under the U.S. Bankruptcy Code and (2) to final confirmation and audit of the status of the loan with the holder of the Security Deed.
The entity having full authority to negotiate, amend and modify all terms of the loan (although not required by law to do so) is: Planet Home Lending, LLC, Loss Mitigation Dept., 321 Research Parkway, Suite 303, Meriden, CT 06450, Telephone Number: 855-884-2250. Nothing in O.C.G.A. Section 44-14-162.2 shall be construed to require a secured creditor to negotiate, amend or modify the terms of the mortgage instrument.
PLANET HOME LENDING, LLC as Attorney in Fact for MARY E MARSHALL, STANLEY EUGENE SCOTT, JR.
THE BELOW LAW FIRM MAY BE HELD TO BE ACTING AS A DEBT COLLECTOR, UNDER FEDERAL LAW. IF SO, ANY INFORMATION OBTAINED WILL BE USED FOR THAT PURPOSE.
Attorney Contact: Rubin Lublin, LLC, 3145 Avalon Ridge Place, Suite 100, Peachtree Corners, GA 30071. Telephone Number: (877) 813-0992. Case No. PHL-25-02862-2. Ad Run Dates 10/08/2025, 10/15/2025, 10/22/2025, 10/29/2025
rlselaw.com/property-listing
#10:08,15,22,29 509020-AT
F86270 GPN11
NOTICE OF SALE UNDER POWER
GEORGIA, FULTON COUNTY. By virtue of a Power of Sale contained in that certain Security Deed from C & D PETERSON PROPERTIES INC. to CIVIC FINANCIAL SERVICES, LLC, dated March 7, 2023, recorded March 10, 2023, in Deed Book 66430, Page 232, Fulton County, Georgia Records, said Security Deed having been given to secure a Note of even date in the original principal amount of One Hundred Twenty Thousand and 00/100 dollars ($120,000.00), with interest thereon as provided for therein, said Security Deed having been last sold, assigned and transferred to U.S. Bank Trust National Association, not in its individual capacity but solely as owner trustee for Legacy Mortgage Asset Trust 2021-INV1, there will be sold at public outcry to the highest bidder for cash at the Fulton County Courthouse, within the legal hours of sale on the first Tuesday in November, 2025, all property described in said Security Deed including but not limited to the following described property: ALL THAT TRACT OR PARCEL OF LAND LYING AND BEING IN LAND LOT 150 OF THE 17TH DISTRICT OF FULTON COUNTY, GEORGIA, AND BEING MORE PARTICULARLY DESCRIBED AS FOLLOWS: BEGINNING AT A POINT ON THE NORTHERLY SIDE OF A DISTANCE OF 198 FEET EASTERLY FROM THE CORNER OF HIGHTOWER ROAD (FORMERLY KNOWN AS PEYTON ROAD); RUNNING THENCE EAST, A DISTANCE OF (140) FEET; THENCE NORTH A DISTANCE OF (150) FEET; THENCE WEST, A DISTANCE OF (140) FEET TO THE EAST SIDE OF HIGHTOWER ROAD; THENCE SOUTH (150) FEET ALONG THE EAST SIDE OF HIGHTOWER ROAD TO THE POINT OF BEGINNING, BEING PART OF SUBDIVISION OF THE LAURA DOYLE PROPERTY AS RECORDED IN PLAT BOOK 26, PAGE 90, FULTON COUNTY RECORDS; BEING IMPROVED PROPERTY KNOWN AS 1023 HIGHTOWER ROAD, NW ACCORDING TO THE PRESENT SYSTEM OF NUMBERING PROPERTY IN FULTON COUNTY, GEORGIA. PARCEL ID: 17-0150-0005-042-5
Said legal description being controlling, however the property is more commonly known as 1023 HIGHTOWER RD NW, ATLANTA, GA 30318.
9075	Foreclosures
The indebtedness secured by said Security Deed has been and is hereby declared due because of default under the terms of said Security Deed. The indebtedness remaining in default, this sale will be made for the purpose of paying the same and all expenses of the sale, including attorney's fees (notice to collect same having been given) and all other payments provided for under the terms of the Security Deed.
Said property will be sold on an 'as-is' basis without any representation, warranty or recourse against the above-named or the undersigned. The sale will also be subject to the following items which may affect the title: any outstanding ad valorem taxes (including taxes which are a lien, whether or not now due and payable); the right of redemption of any taxing authority; matters which would be disclosed by an accurate survey or by an inspection of the property; all zoning ordinances; assessments; liens; encumbrances; restrictions; covenants, and any other matters of record superior to said Security Deed.
To the best of the knowledge and belief of the undersigned, the owner and party in possession of the property is C & D PETERSON PROPERTIES INC., or tenants(s).
The sale will be conducted subject (1) to confirmation that the sale is not prohibited under the U.S. Bankruptcy Code and (2) to final confirmation and audit of the status of the loan with the holder of the Security Deed.
The entity having full authority to negotiate, amend and modify all terms of the loan (although not required by law to do so) is: Fay Servicing, LLC, Loss Mitigation Dept., 425 S. Financial Place, Suite 2000, Chicago, IL 60605, Telephone Number: 800-495-7166. Nothing in O.C.G.A. Section 44-14-162.2 shall be construed to require a secured creditor to negotiate, amend or modify the terms of the mortgage instrument.
U.S. BANK TRUST NATIONAL ASSOCIATION, NOT IN ITS INDIVIDUAL CAPACITY BUT SOLELY AS OWNER TRUSTEE FOR LEGACY MORTGAGE ASSET TRUST 2021-INV1 as Attorney in Fact for C & D PETERSON PROPERTIES INC.
THE BELOW LAW FIRM MAY BE HELD TO BE ACTING AS A DEBT COLLECTOR, UNDER FEDERAL LAW. IF SO, ANY INFORMATION OBTAINED WILL BE USED FOR THAT PURPOSE.
Attorney Contact: Rubin Lublin, LLC, 3145 Avalon Ridge Place, Suite 100, Peachtree Corners, GA 30071. Telephone Number: (877) 813-0992. Case No. PAY-24-02113-3. Ad Run Dates 10/08/2025, 10/15/2025, 10/22/2025, 10/29/2025
rlselaw.com/property-listing
#10:08,15,22,29 509058-AT
F86271 GPN11
NOTICE OF SALE UNDER POWER
GEORGIA, FULTON COUNTY. By virtue of a Power of Sale contained in that certain Security Deed from THE ZEMBO GROUP, LLC to CONCORD LOAN SERVICES, LLC, dated February 29, 2024, recorded March 7, 2024, in Deed Book 67605, Page 181, Fulton County, Georgia Records, said Security Deed having been given to secure a Note of even date in the original principal amount of Two Hundred Forty-Three Thousand Six Hundred Sixty-Two and 00/100 dollars ($243,662.00), with interest thereon as provided for therein, said Security Deed having been last sold, assigned and transferred to GROUNDFLOOR PROPERTIES GA1 LLC, there will be sold at public outcry to the highest bidder for cash at the Fulton County Courthouse, within the legal hours of sale on the first Tuesday in November, 2025, all property described in said Security Deed including but not limited to the following described property: ALL THAT TRACT OR PARCEL OF LAND LYING AND BEING IN LAND LOT 86 OF THE 14TH DISTRICT OF FULTON COUNTY, GEORGIA, AND BEING MORE PARTICULARLY DESCRIBED AS FOLLOWS: BEGINNING AT AN IRON PIN ON THE WEST SIDE OF STREET 100 FEET NORTH OF MARY STREET; RUNNING THENCE WEST ALONG THE NORTH SIDE OF MARY STREET AND THENCE NORTH 50 FEET; RUNNING THENCE EAST 100 FEET; THENCE SOUTH 50 FEET TO THE POINT OF BEGINNING. BEING IMPROVED PROPERTY KNOWN AS 932 MARY STREET, SW, ATLANTA, GA.
Said legal description being controlling, however the property is more commonly known as 932 MARY ST SW, ATLANTA, GA 30310.
The indebtedness secured by said Security Deed has been and is hereby declared due because of default under the terms of said Security Deed. The indebtedness remaining in default, this sale will be made for the purpose of paying the same and all expenses of the sale, including attorney's fees (notice to collect same having been given) and all other payments provided for under the terms of the Security Deed. Said property will be sold on an 'as-is' basis without any representation, warranty or recourse against the above-named or the undersigned. The sale will also be subject to the following items which may affect the title: any outstanding ad valorem taxes (including taxes which are a lien, whether or not
